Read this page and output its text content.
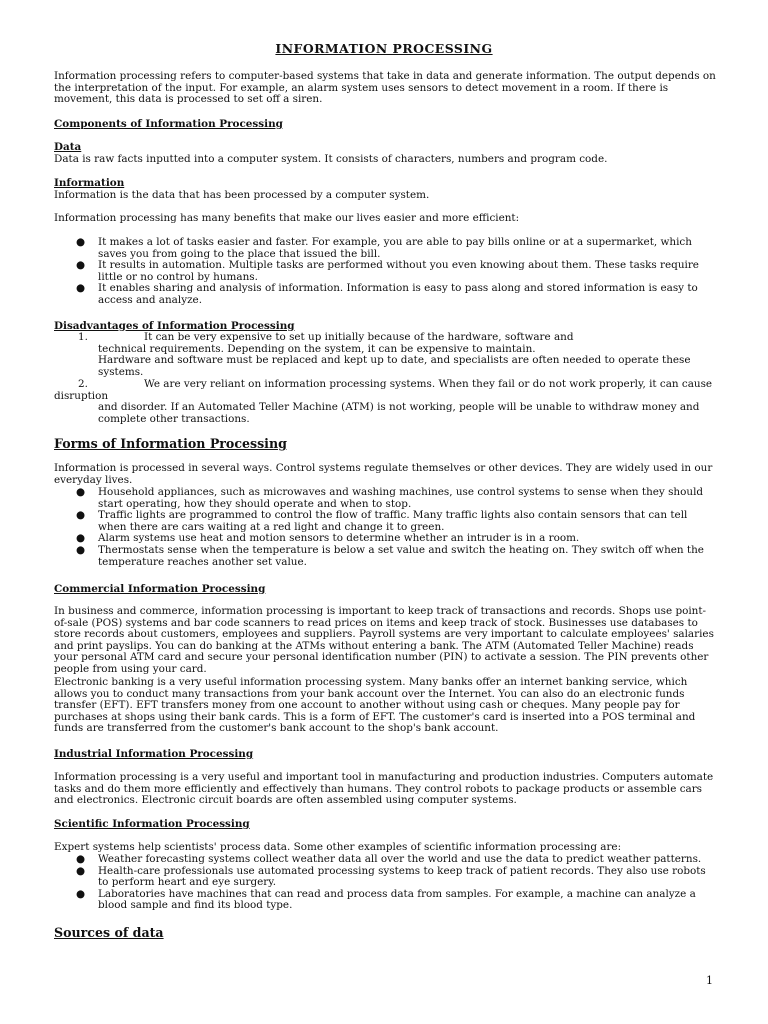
INFORMATION PROCESSING

Information processing refers to computer-based systems that take in data and generate information. The output depends on the interpretation of the input. For example, an alarm system uses sensors to detect movement in a room. If there is movement, this data is processed to set off a siren.

Components of Information Processing
Data
Data is raw facts inputted into a computer system. It consists of characters, numbers and program code.
Information
Information is the data that has been processed by a computer system.
Information processing has many benefits that make our lives easier and more efficient:
● It makes a lot of tasks easier and faster. For example, you are able to pay bills online or at a supermarket, which saves you from going to the place that issued the bill.
● It results in automation. Multiple tasks are performed without you even knowing about them. These tasks require little or no control by humans.
● It enables sharing and analysis of information. Information is easy to pass along and stored information is easy to access and analyze.
Disadvantages of Information Processing
1.	It can be very expensive to set up initially because of the hardware, software and
technical requirements. Depending on the system, it can be expensive to maintain.
Hardware and software must be replaced and kept up to date, and specialists are often needed to operate these systems.
2.	We are very reliant on information processing systems. When they fail or do not work properly, it can cause disruption
and disorder. If an Automated Teller Machine (ATM) is not working, people will be unable to withdraw money and complete other transactions.
Forms of Information Processing

Information is processed in several ways. Control systems regulate themselves or other devices. They are widely used in our everyday lives.

● Household appliances, such as microwaves and washing machines, use control systems to sense when they should start operating, how they should operate and when to stop.
● Traffic lights are programmed to control the flow of traffic. Many traffic lights also contain sensors that can tell when there are cars waiting at a red light and change it to green.
● Alarm systems use heat and motion sensors to determine whether an intruder is in a room.
● Thermostats sense when the temperature is below a set value and switch the heating on. They switch off when the temperature reaches another set value.
Commercial Information Processing

In business and commerce, information processing is important to keep track of transactions and records. Shops use point-of-sale (POS) systems and bar code scanners to read prices on items and keep track of stock. Businesses use databases to store records about customers, employees and suppliers. Payroll systems are very important to calculate employees' salaries and print payslips. You can do banking at the ATMs without entering a bank. The ATM (Automated Teller Machine) reads your personal ATM card and secure your personal identification number (PIN) to activate a session. The PIN prevents other people from using your card.

Electronic banking is a very useful information processing system. Many banks offer an internet banking service, which allows you to conduct many transactions from your bank account over the Internet. You can also do an electronic funds transfer (EFT). EFT transfers money from one account to another without using cash or cheques. Many people pay for purchases at shops using their bank cards. This is a form of EFT. The customer's card is inserted into a POS terminal and funds are transferred from the customer's bank account to the shop's bank account.

Industrial Information Processing

Information processing is a very useful and important tool in manufacturing and production industries. Computers automate tasks and do them more efficiently and effectively than humans. They control robots to package products or assemble cars and electronics. Electronic circuit boards are often assembled using computer systems.

Scientific Information Processing
Expert systems help scientists' process data. Some other examples of scientific information processing are:
● Weather forecasting systems collect weather data all over the world and use the data to predict weather patterns.
● Health-care professionals use automated processing systems to keep track of patient records. They also use robots to perform heart and eye surgery.
● Laboratories have machines that can read and process data from samples. For example, a machine can analyze a blood sample and find its blood type.
Sources of data
1
